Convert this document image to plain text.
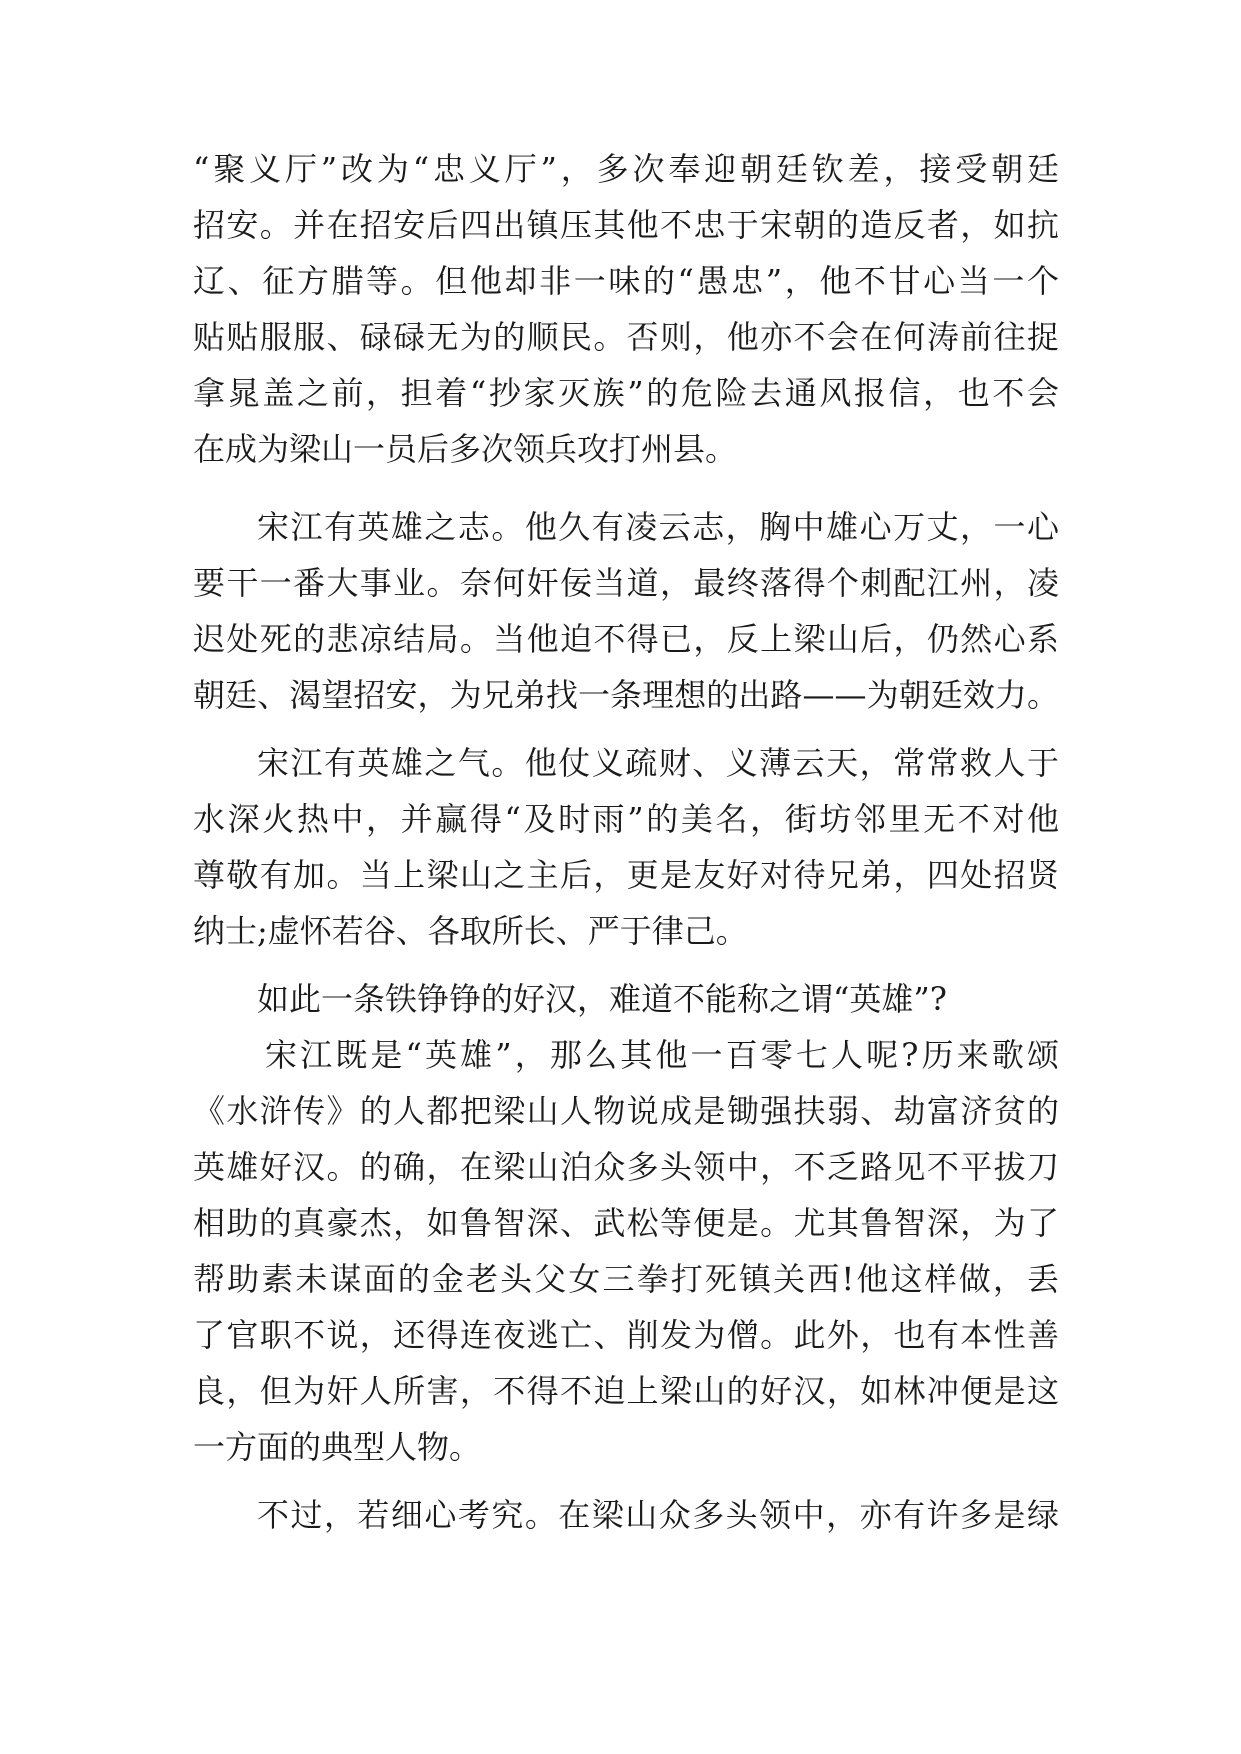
“聚义厅”改为“忠义厅”，多次奉迎朝廷钦差，接受朝廷
招安。并在招安后四出镇压其他不忠于宋朝的造反者，如抗
辽、征方腊等。但他却非一味的“愚忠”，他不甘心当一个
贴贴服服、碌碌无为的顺民。否则，他亦不会在何涛前往捉
拿晁盖之前，担着“抄家灭族”的危险去通风报信，也不会
在成为梁山一员后多次领兵攻打州县。
宋江有英雄之志。他久有凌云志，胸中雄心万丈，一心
要干一番大事业。奈何奸佞当道，最终落得个刺配江州，凌
迟处死的悲凉结局。当他迫不得已，反上梁山后，仍然心系
朝廷、渴望招安，为兄弟找一条理想的出路——为朝廷效力。
宋江有英雄之气。他仗义疏财、义薄云天，常常救人于
水深火热中，并赢得“及时雨”的美名，街坊邻里无不对他
尊敬有加。当上梁山之主后，更是友好对待兄弟，四处招贤
纳士;虚怀若谷、各取所长、严于律己。
如此一条铁铮铮的好汉，难道不能称之谓“英雄”?
宋江既是“英雄”，那么其他一百零七人呢?历来歌颂
《水浒传》的人都把梁山人物说成是锄强扶弱、劫富济贫的
英雄好汉。的确，在梁山泊众多头领中，不乏路见不平拔刀
相助的真豪杰，如鲁智深、武松等便是。尤其鲁智深，为了
帮助素未谋面的金老头父女三拳打死镇关西!他这样做，丢
了官职不说，还得连夜逃亡、削发为僧。此外，也有本性善
良，但为奸人所害，不得不迫上梁山的好汉，如林冲便是这
一方面的典型人物。
不过，若细心考究。在梁山众多头领中，亦有许多是绿
